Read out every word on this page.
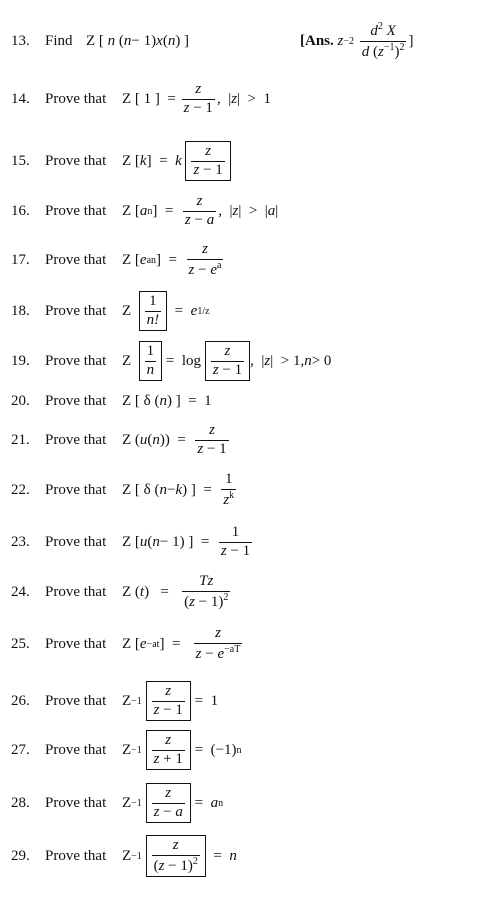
13. Find Z [ n ( n − 1) x ( n ) ]	[Ans.
z −2
$\frac{d^2 X}{d (z^{-1})^2}$ ]
14. Prove that Z [ 1 ]  = $\frac{z}{z - 1}$ ,  | z |  >  1
15. Prove that Z [ k ]  = k
$\frac{z}{z - 1}$
16. Prove that Z [ a n ]  = $\frac{z}{z - a}$ ,  | z |  >  | a |
17. Prove that Z [ e an ]  = $\frac{z}{z - e^a}$
18. Prove that Z $\frac{1}{n!} = e$ 1/z
19. Prove that Z $\frac{1}{n} = \log \frac{z}{z - 1}$ ,  | z |  > 1, n > 0
20. Prove that Z [ δ ( n ) ]  =  1
21. Prove that Z ( u ( n ))  = $\frac{z}{z - 1}$
22. Prove that Z [ δ ( n − k ) ]  = $\frac{1}{z^k}$
23. Prove that Z [ u ( n − 1) ]  = $\frac{1}{z - 1}$
24. Prove that Z ( t )   = $\frac{Tz}{(z - 1)^2}$
25. Prove that Z [ e −at ]  = $\frac{z}{z - e^{-aT}}$
26. Prove that Z −1
$\frac{z}{z - 1} = 1$
27. Prove that Z −1
$\frac{z}{z + 1} = (-1)$ n
28. Prove that Z −1
$\frac{z}{z - a} = a$ n
29. Prove that Z −1
$\frac{z}{(z - 1)^2} = n$
